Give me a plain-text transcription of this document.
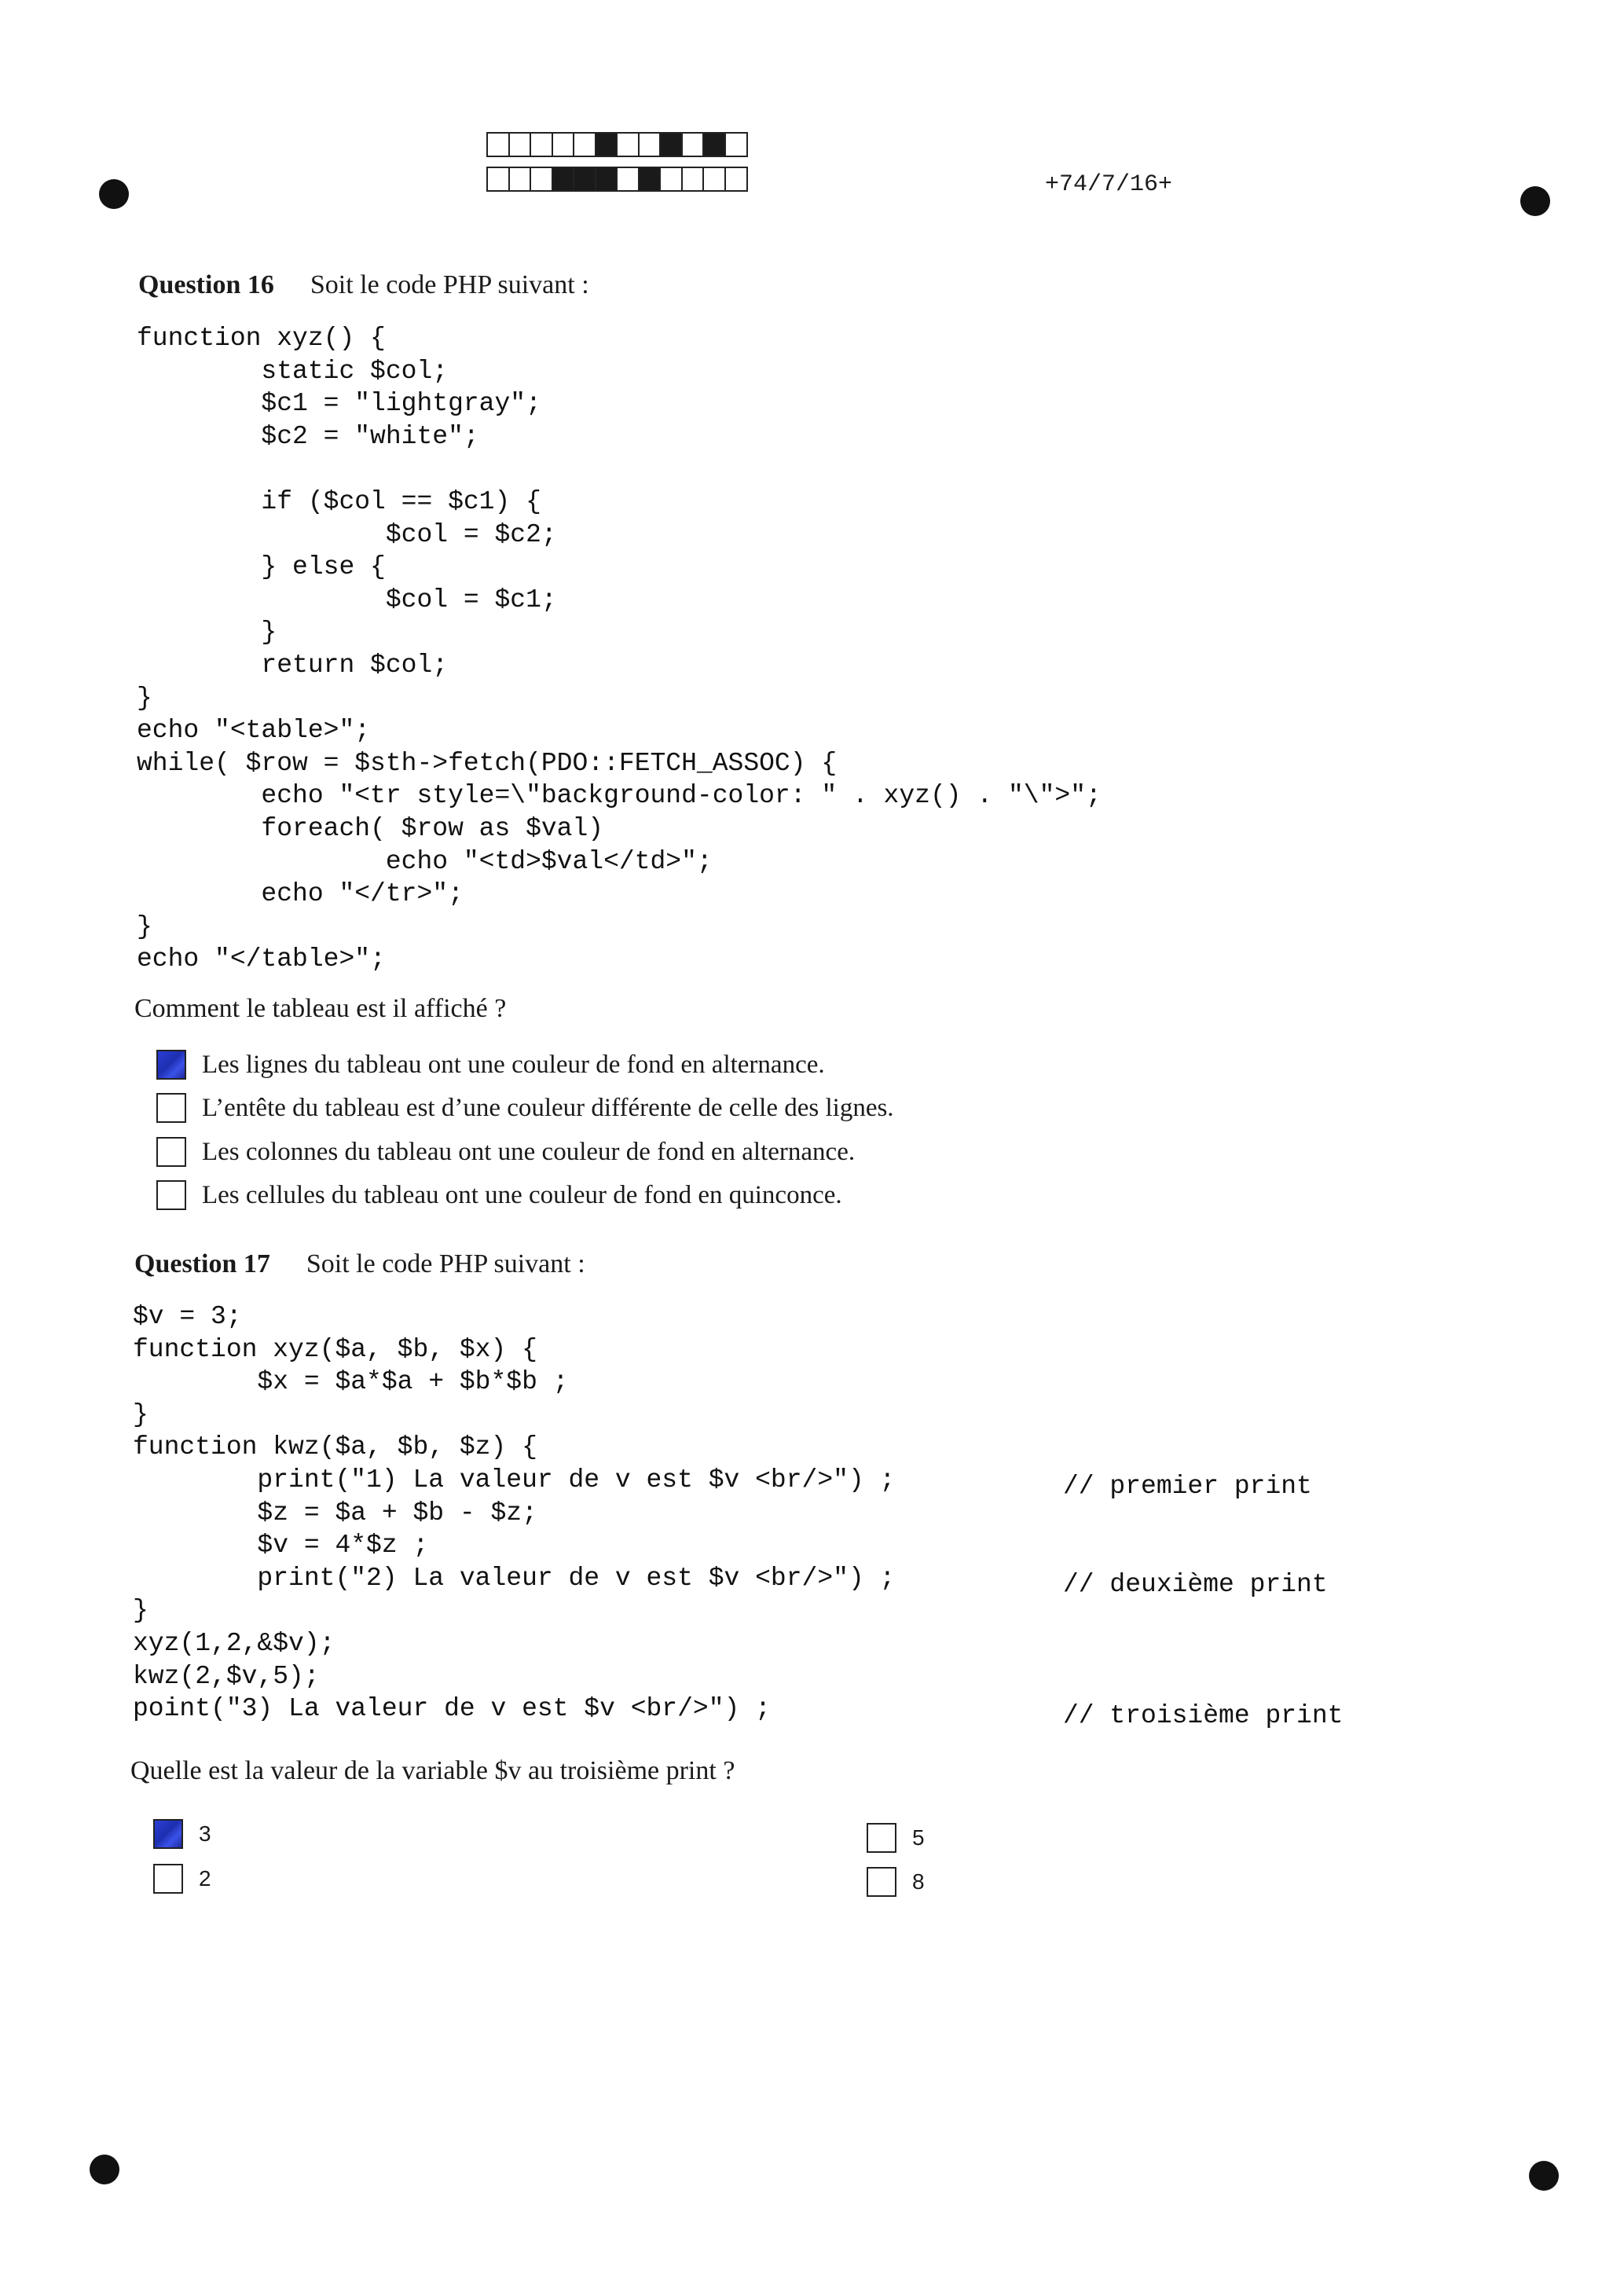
+74/7/16+
Question 16 Soit le code PHP suivant :
function xyz() {
static $col;
$c1 = "lightgray";
$c2 = "white";

if ($col == $c1) {
$col = $c2;
} else {
$col = $c1;
}
return $col;
}
echo "<table>";
while( $row = $sth->fetch(PDO::FETCH_ASSOC) {
echo "<tr style=\"background-color: " . xyz() . "\">";
foreach( $row as $val)
echo "<td>$val</td>";
echo "</tr>";
}
echo "</table>";
Comment le tableau est il affiché ?
Les lignes du tableau ont une couleur de fond en alternance.
L’entête du tableau est d’une couleur différente de celle des lignes.
Les colonnes du tableau ont une couleur de fond en alternance.
Les cellules du tableau ont une couleur de fond en quinconce.
Question 17 Soit le code PHP suivant :
$v = 3;
function xyz($a, $b, $x) {
$x = $a*$a + $b*$b ;
}
function kwz($a, $b, $z) {
print("1) La valeur de v est $v <br/>") ;
$z = $a + $b - $z;
$v = 4*$z ;
print("2) La valeur de v est $v <br/>") ;
}
xyz(1,2,&$v);
kwz(2,$v,5);
point("3) La valeur de v est $v <br/>") ;
// premier print
// deuxième print
// troisième print
Quelle est la valeur de la variable $v au troisième print ?
3
2
5
8
